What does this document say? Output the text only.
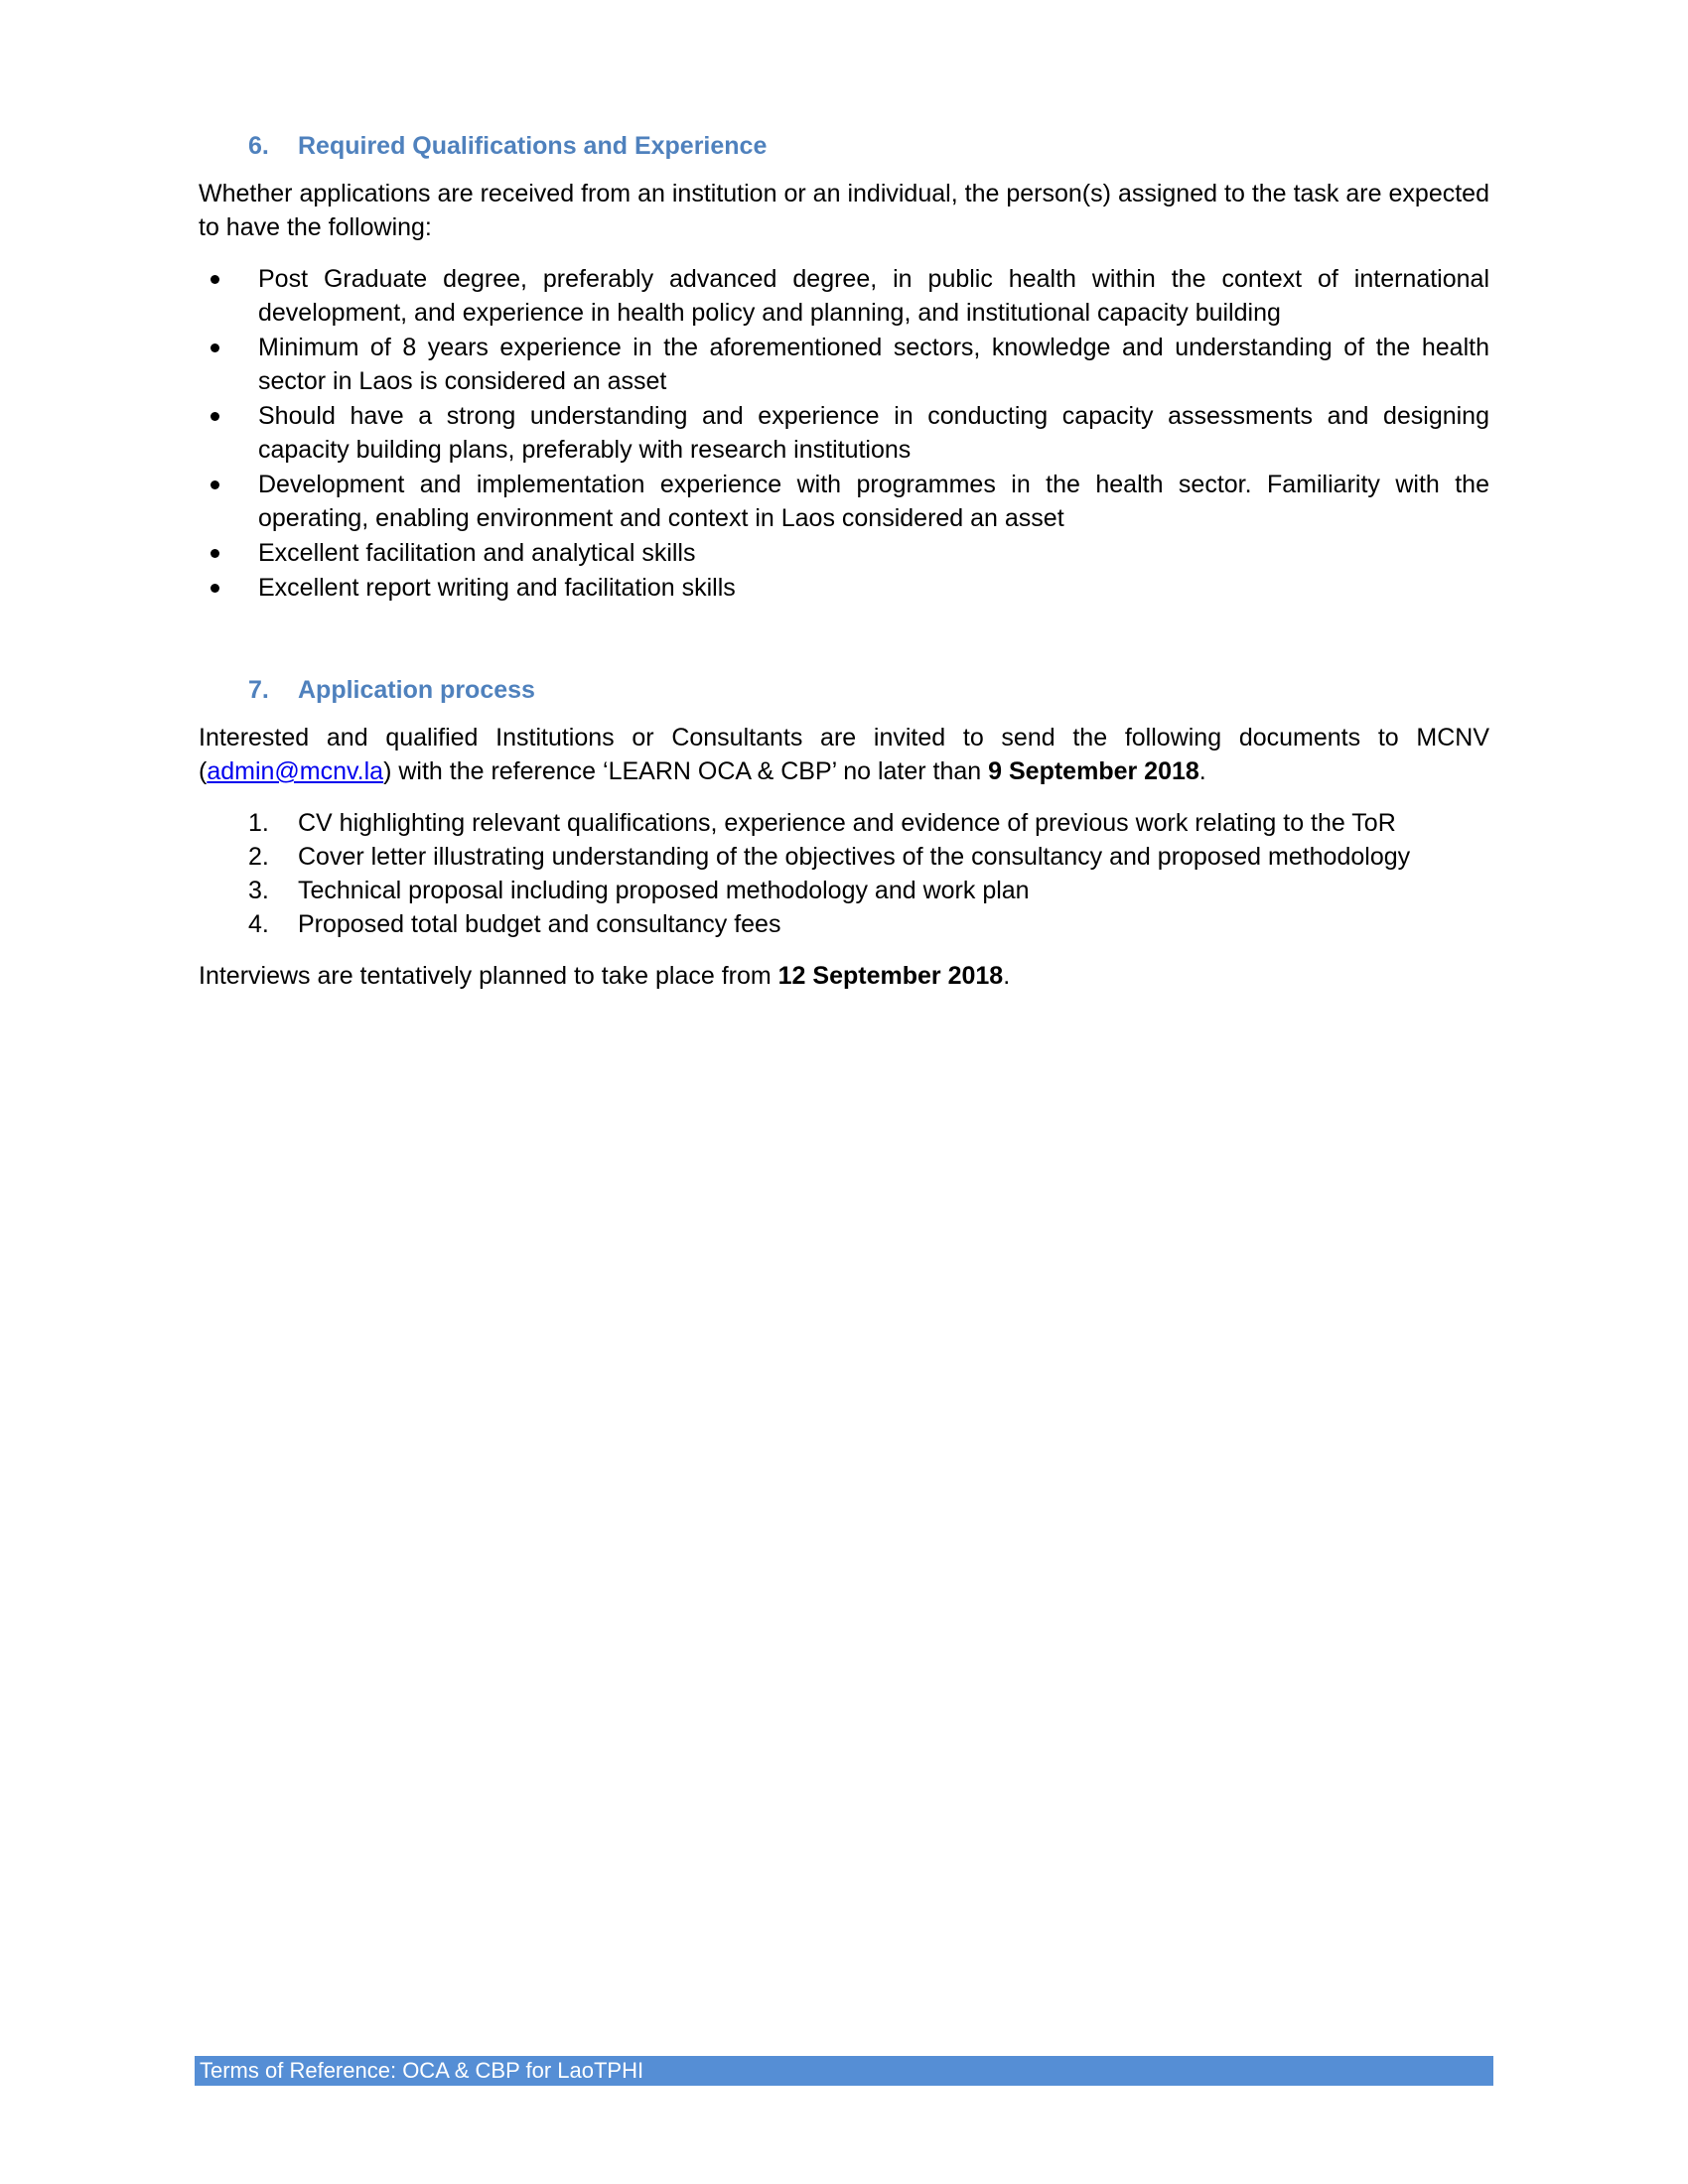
6.	Required Qualifications and Experience

Whether applications are received from an institution or an individual, the person(s) assigned to the task are expected to have the following:

Post Graduate degree, preferably advanced degree, in public health within the context of international development, and experience in health policy and planning, and institutional capacity building
Minimum of 8 years experience in the aforementioned sectors, knowledge and understanding of the health sector in Laos is considered an asset
Should have a strong understanding and experience in conducting capacity assessments and designing capacity building plans, preferably with research institutions
Development and implementation experience with programmes in the health sector. Familiarity with the operating, enabling environment and context in Laos considered an asset
Excellent facilitation and analytical skills
Excellent report writing and facilitation skills
7.	Application process

Interested and qualified Institutions or Consultants are invited to send the following documents to MCNV (admin@mcnv.la) with the reference ‘LEARN OCA & CBP’ no later than 9 September 2018.

1.	CV highlighting relevant qualifications, experience and evidence of previous work relating to the ToR
2.	Cover letter illustrating understanding of the objectives of the consultancy and proposed methodology
3.	Technical proposal including proposed methodology and work plan
4.	Proposed total budget and consultancy fees

Interviews are tentatively planned to take place from 12 September 2018.

Terms of Reference: OCA & CBP for LaoTPHI
